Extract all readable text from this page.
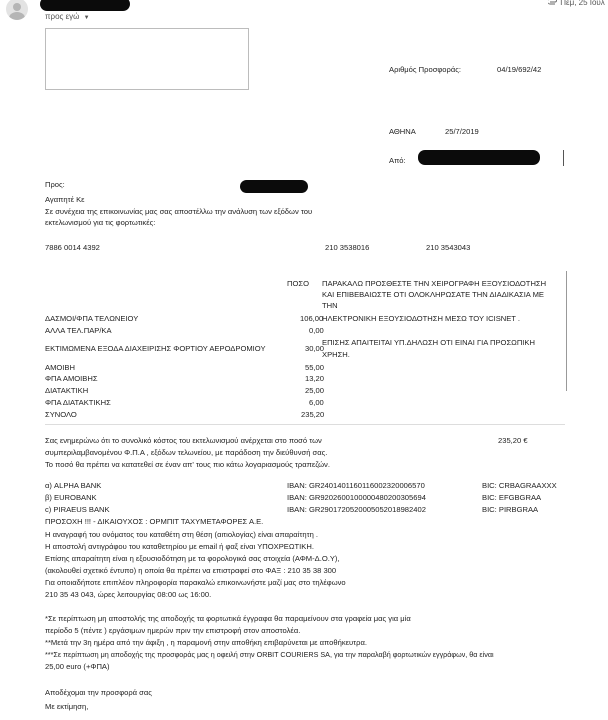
προς εγώ ▼
Πεμ, 25 Ιουλ
Αριθμός Προσφοράς:	04/19/692/42
ΑΘΗΝΑ	25/7/2019
Από:
Προς:
Αγαπητέ Κε
Σε συνέχεια της επικοινωνίας μας σας αποστέλλω την ανάλυση των εξόδων του
εκτελωνισμού για τις φορτωτικές:
7886 0014 4392	210 3538016	210 3543043
ΠΟΣΟ
ΔΑΣΜΟΙ/ΦΠΑ ΤΕΛΩΝΕΙΟΥ	106,00
ΑΛΛΑ ΤΕΛ.ΠΑΡ/ΚΑ	0,00
ΕΚΤΙΜΩΜΕΝΑ ΕΞΟΔΑ ΔΙΑΧΕΙΡΙΣΗΣ ΦΟΡΤΙΟΥ ΑΕΡΟΔΡΟΜΙΟΥ	30,00
ΑΜΟΙΒΗ	55,00
ΦΠΑ ΑΜΟΙΒΗΣ	13,20
ΔΙΑΤΑΚΤΙΚΗ	25,00
ΦΠΑ ΔΙΑΤΑΚΤΙΚΗΣ	6,00
ΣΥΝΟΛΟ	235,20
ΠΑΡΑΚΑΛΩ ΠΡΟΣΘΕΣΤΕ ΤΗΝ ΧΕΙΡΟΓΡΑΦΗ ΕΞΟΥΣΙΟΔΟΤΗΣΗ
ΚΑΙ ΕΠΙΒΕΒΑΙΩΣΤΕ ΟΤΙ ΟΛΟΚΛΗΡΩΣΑΤΕ ΤΗΝ ΔΙΑΔΙΚΑΣΙΑ ΜΕ
ΤΗΝ
ΗΛΕΚΤΡΟΝΙΚΗ ΕΞΟΥΣΙΟΔΟΤΗΣΗ ΜΕΣΩ ΤΟΥ ICISNET .
ΕΠΙΣΗΣ ΑΠΑΙΤΕΙΤΑΙ ΥΠ.ΔΗΛΩΣΗ ΟΤΙ ΕΙΝΑΙ ΓΙΑ ΠΡΟΣΩΠΙΚΗ
ΧΡΗΣΗ.
Σας ενημερώνω ότι το συνολικό κόστος του εκτελωνισμού ανέρχεται στο ποσό των	235,20 €
συμπεριλαμβανομένου Φ.Π.Α , εξόδων τελωνείου, με παράδοση την διεύθυνσή σας.
Το ποσό θα πρέπει να κατατεθεί σε έναν απ' τους πιο κάτω λογαριασμούς τραπεζών.
α) ALPHA BANK	IBAN: GR2401401160116002320006570	BIC: CRBAGRAAXXX
β) EUROBANK	IBAN: GR9202600100000480200305694	BIC: EFGBGRAA
c) PIRAEUS BANK	IBAN: GR2901720520005052018982402	BIC: PIRBGRAA
ΠΡΟΣΟΧΗ !!! - ΔΙΚΑΙΟΥΧΟΣ : ΟΡΜΠΙΤ ΤΑΧΥΜΕΤΑΦΟΡΕΣ Α.Ε.
Η αναγραφή του ονόματος του καταθέτη στη θέση (αιτιολογίας) είναι απαραίτητη .
Η αποστολή αντιγράφου του καταθετηρίου με email ή φαξ είναι ΥΠΟΧΡΕΩΤΙΚΗ.
Επίσης απαραίτητη είναι η εξουσιοδότηση με τα φορολογικά σας στοιχεία (ΑΦΜ-Δ.Ο.Υ),
(ακολουθεί σχετικό έντυπο) η οποία θα πρέπει να επιστραφεί στο ΦΑΞ : 210 35 38 300
Για οποιαδήποτε επιπλέον πληροφορία παρακαλώ επικοινωνήστε μαζί μας στο τηλέφωνο
210 35 43 043, ώρες λειτουργίας 08:00 ως 16:00.
*Σε περίπτωση μη αποστολής της αποδοχής τα φορτωτικά έγγραφα θα παραμείνουν στα γραφεία μας για μία
περίοδο 5 (πέντε ) εργάσιμων ημερών πριν την επιστροφή στον αποστολέα.
**Μετά την 3η ημέρα από την άφιξη , η παραμονή στην αποθήκη επιβαρύνεται με αποθήκευτρα.
***Σε περίπτωση μη αποδοχής της προσφοράς μας η οφειλή στην ORBIT COURIERS SA, για την παραλαβή φορτωτικών εγγράφων, θα είναι
25,00 euro (+ΦΠΑ)
Αποδέχομαι την προσφορά σας
Με εκτίμηση,
